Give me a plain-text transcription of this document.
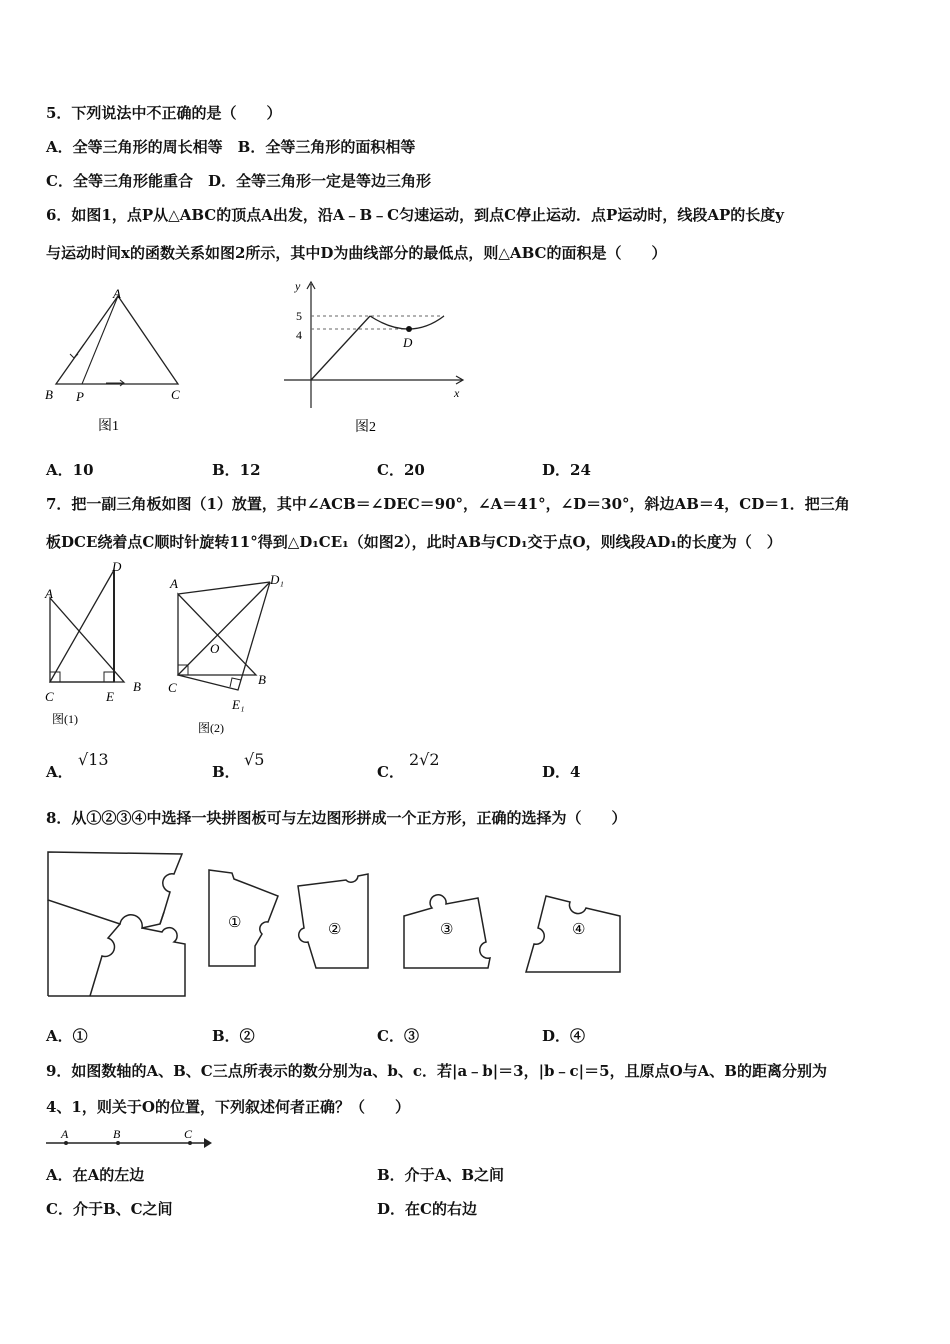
5．下列说法中不正确的是（　　）
A．全等三角形的周长相等　B．全等三角形的面积相等
C．全等三角形能重合　D．全等三角形一定是等边三角形
6．如图1，点P从△ABC的顶点A出发，沿A﹣B﹣C匀速运动，到点C停止运动．点P运动时，线段AP的长度y
与运动时间x的函数关系如图2所示，其中D为曲线部分的最低点，则△ABC的面积是（　　）
A
B P	C
图1
y
5
4	D
x
图2
A．10	B．12	C．20	D．24
7．把一副三角板如图（1）放置，其中∠ACB＝∠DEC＝90°，∠A＝41°，∠D＝30°，斜边AB＝4，CD＝1．把三角
板DCE绕着点C顺时针旋转11°得到△D₁CE₁（如图2），此时AB与CD₁交于点O，则线段AD₁的长度为（　）
A
D
C	E
B
图(1)
A	D₁
O
C
B
E₁
图(2)
A．
√13
B．
√5
C．
2√2
D．4
8．从①②③④中选择一块拼图板可与左边图形拼成一个正方形，正确的选择为（　　）
①	②	③	④
A．①	B．②	C．③	D．④
9．如图数轴的A、B、C三点所表示的数分别为a、b、c．若|a﹣b|＝3，|b﹣c|＝5，且原点O与A、B的距离分别为
4、1，则关于O的位置，下列叙述何者正确？（　　）
A	B	C
A．在A的左边	B．介于A、B之间
C．介于B、C之间	D．在C的右边
